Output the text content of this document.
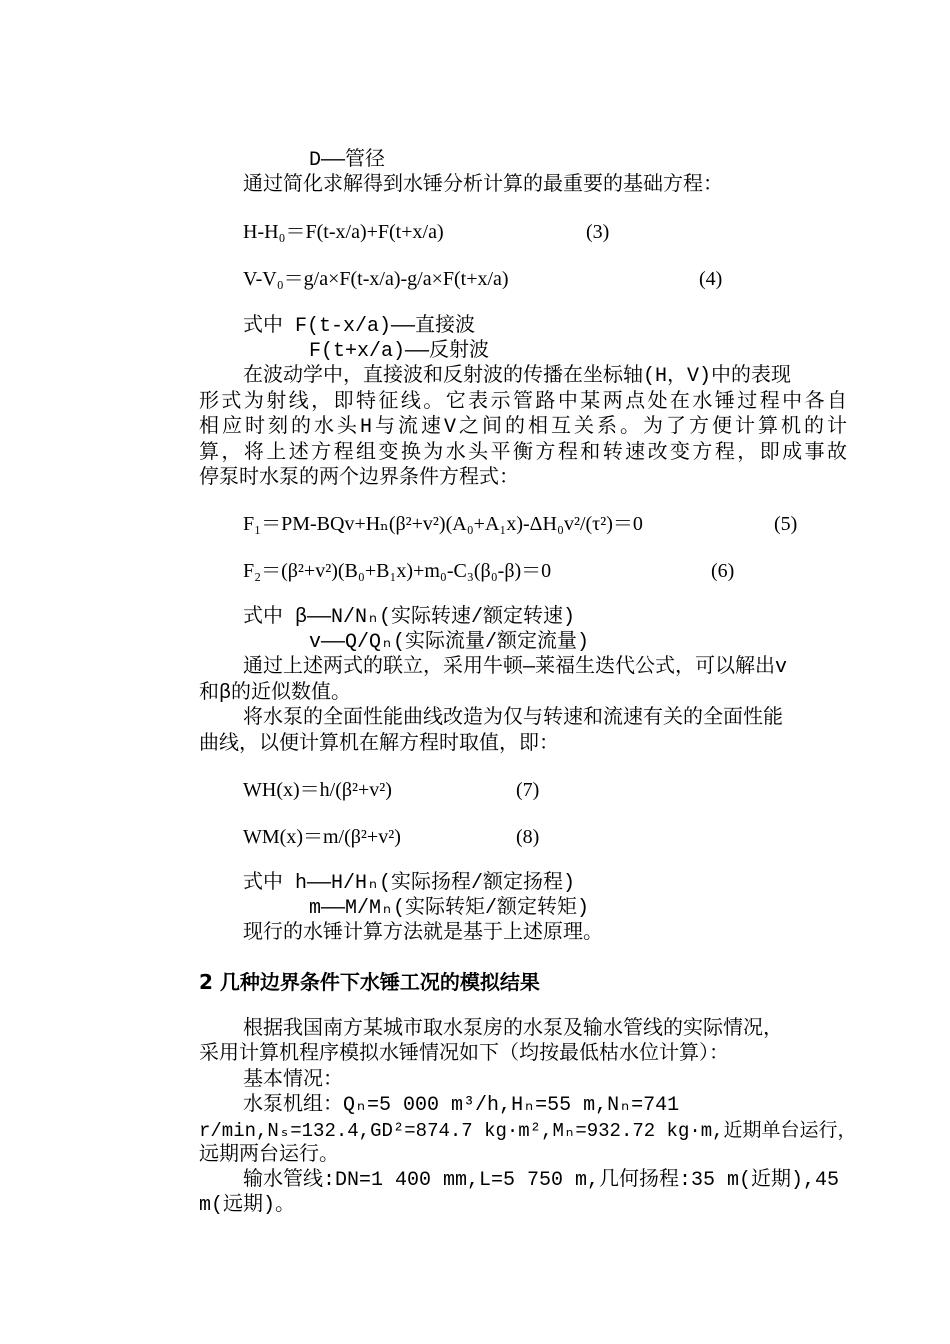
D——管径
通过简化求解得到水锤分析计算的最重要的基础方程：
H-H₀＝F(t-x/a)+F(t+x/a)	(3)
V-V₀＝g/a×F(t-x/a)-g/a×F(t+x/a)	(4)
式中 F(t-x/a)——直接波
F(t+x/a)——反射波
在波动学中，直接波和反射波的传播在坐标轴(H，V)中的表现
形式为射线，即特征线。它表示管路中某两点处在水锤过程中各自
相应时刻的水头H与流速V之间的相互关系。为了方便计算机的计
算，将上述方程组变换为水头平衡方程和转速改变方程，即成事故
停泵时水泵的两个边界条件方程式：
F₁＝PM-BQv+Hₙ(β²+v²)(A₀+A₁x)-ΔH₀v²/(τ²)＝0	(5)
F₂＝(β²+v²)(B₀+B₁x)+m₀-C₃(β₀-β)＝0	(6)
式中 β——N/Nₙ(实际转速/额定转速)
v——Q/Qₙ(实际流量/额定流量)
通过上述两式的联立，采用牛顿—莱福生迭代公式，可以解出v
和β的近似数值。
将水泵的全面性能曲线改造为仅与转速和流速有关的全面性能
曲线，以便计算机在解方程时取值，即：
WH(x)＝h/(β²+v²)	(7)
WM(x)＝m/(β²+v²)	(8)
式中 h——H/Hₙ(实际扬程/额定扬程)
m——M/Mₙ(实际转矩/额定转矩)
现行的水锤计算方法就是基于上述原理。
2 几种边界条件下水锤工况的模拟结果
根据我国南方某城市取水泵房的水泵及输水管线的实际情况，
采用计算机程序模拟水锤情况如下（均按最低枯水位计算）：
基本情况：
水泵机组：Qₙ=5 000 m³/h,Hₙ=55 m,Nₙ=741
r/min,Nₛ=132.4,GD²=874.7 kg·m²,Mₙ=932.72 kg·m,近期单台运行，
远期两台运行。
输水管线:DN=1 400 mm,L=5 750 m,几何扬程:35 m(近期),45
m(远期)。
